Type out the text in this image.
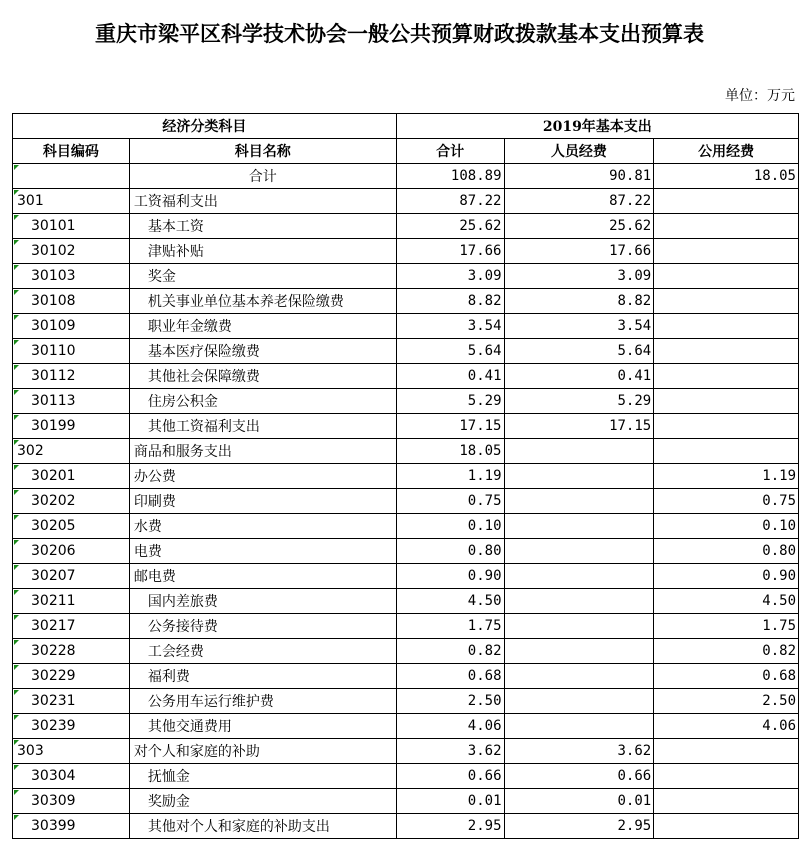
重庆市梁平区科学技术协会一般公共预算财政拨款基本支出预算表
单位：万元
经济分类科目		2019年基本支出		
科目编码	科目名称	合计	人员经费	公用经费

	合计	108.89	90.81	18.05

301	工资福利支出	87.22	87.22	

30101	基本工资	25.62	25.62	

30102	津贴补贴	17.66	17.66	

30103	奖金	3.09	3.09	

30108	机关事业单位基本养老保险缴费	8.82	8.82	

30109	职业年金缴费	3.54	3.54	

30110	基本医疗保险缴费	5.64	5.64	

30112	其他社会保障缴费	0.41	0.41	

30113	住房公积金	5.29	5.29	

30199	其他工资福利支出	17.15	17.15	

302	商品和服务支出	18.05		

30201	办公费	1.19		1.19

30202	印刷费	0.75		0.75

30205	水费	0.10		0.10

30206	电费	0.80		0.80

30207	邮电费	0.90		0.90

30211	国内差旅费	4.50		4.50

30217	公务接待费	1.75		1.75

30228	工会经费	0.82		0.82

30229	福利费	0.68		0.68

30231	公务用车运行维护费	2.50		2.50

30239	其他交通费用	4.06		4.06

303	对个人和家庭的补助	3.62	3.62	

30304	抚恤金	0.66	0.66	

30309	奖励金	0.01	0.01	

30399	其他对个人和家庭的补助支出	2.95	2.95	
